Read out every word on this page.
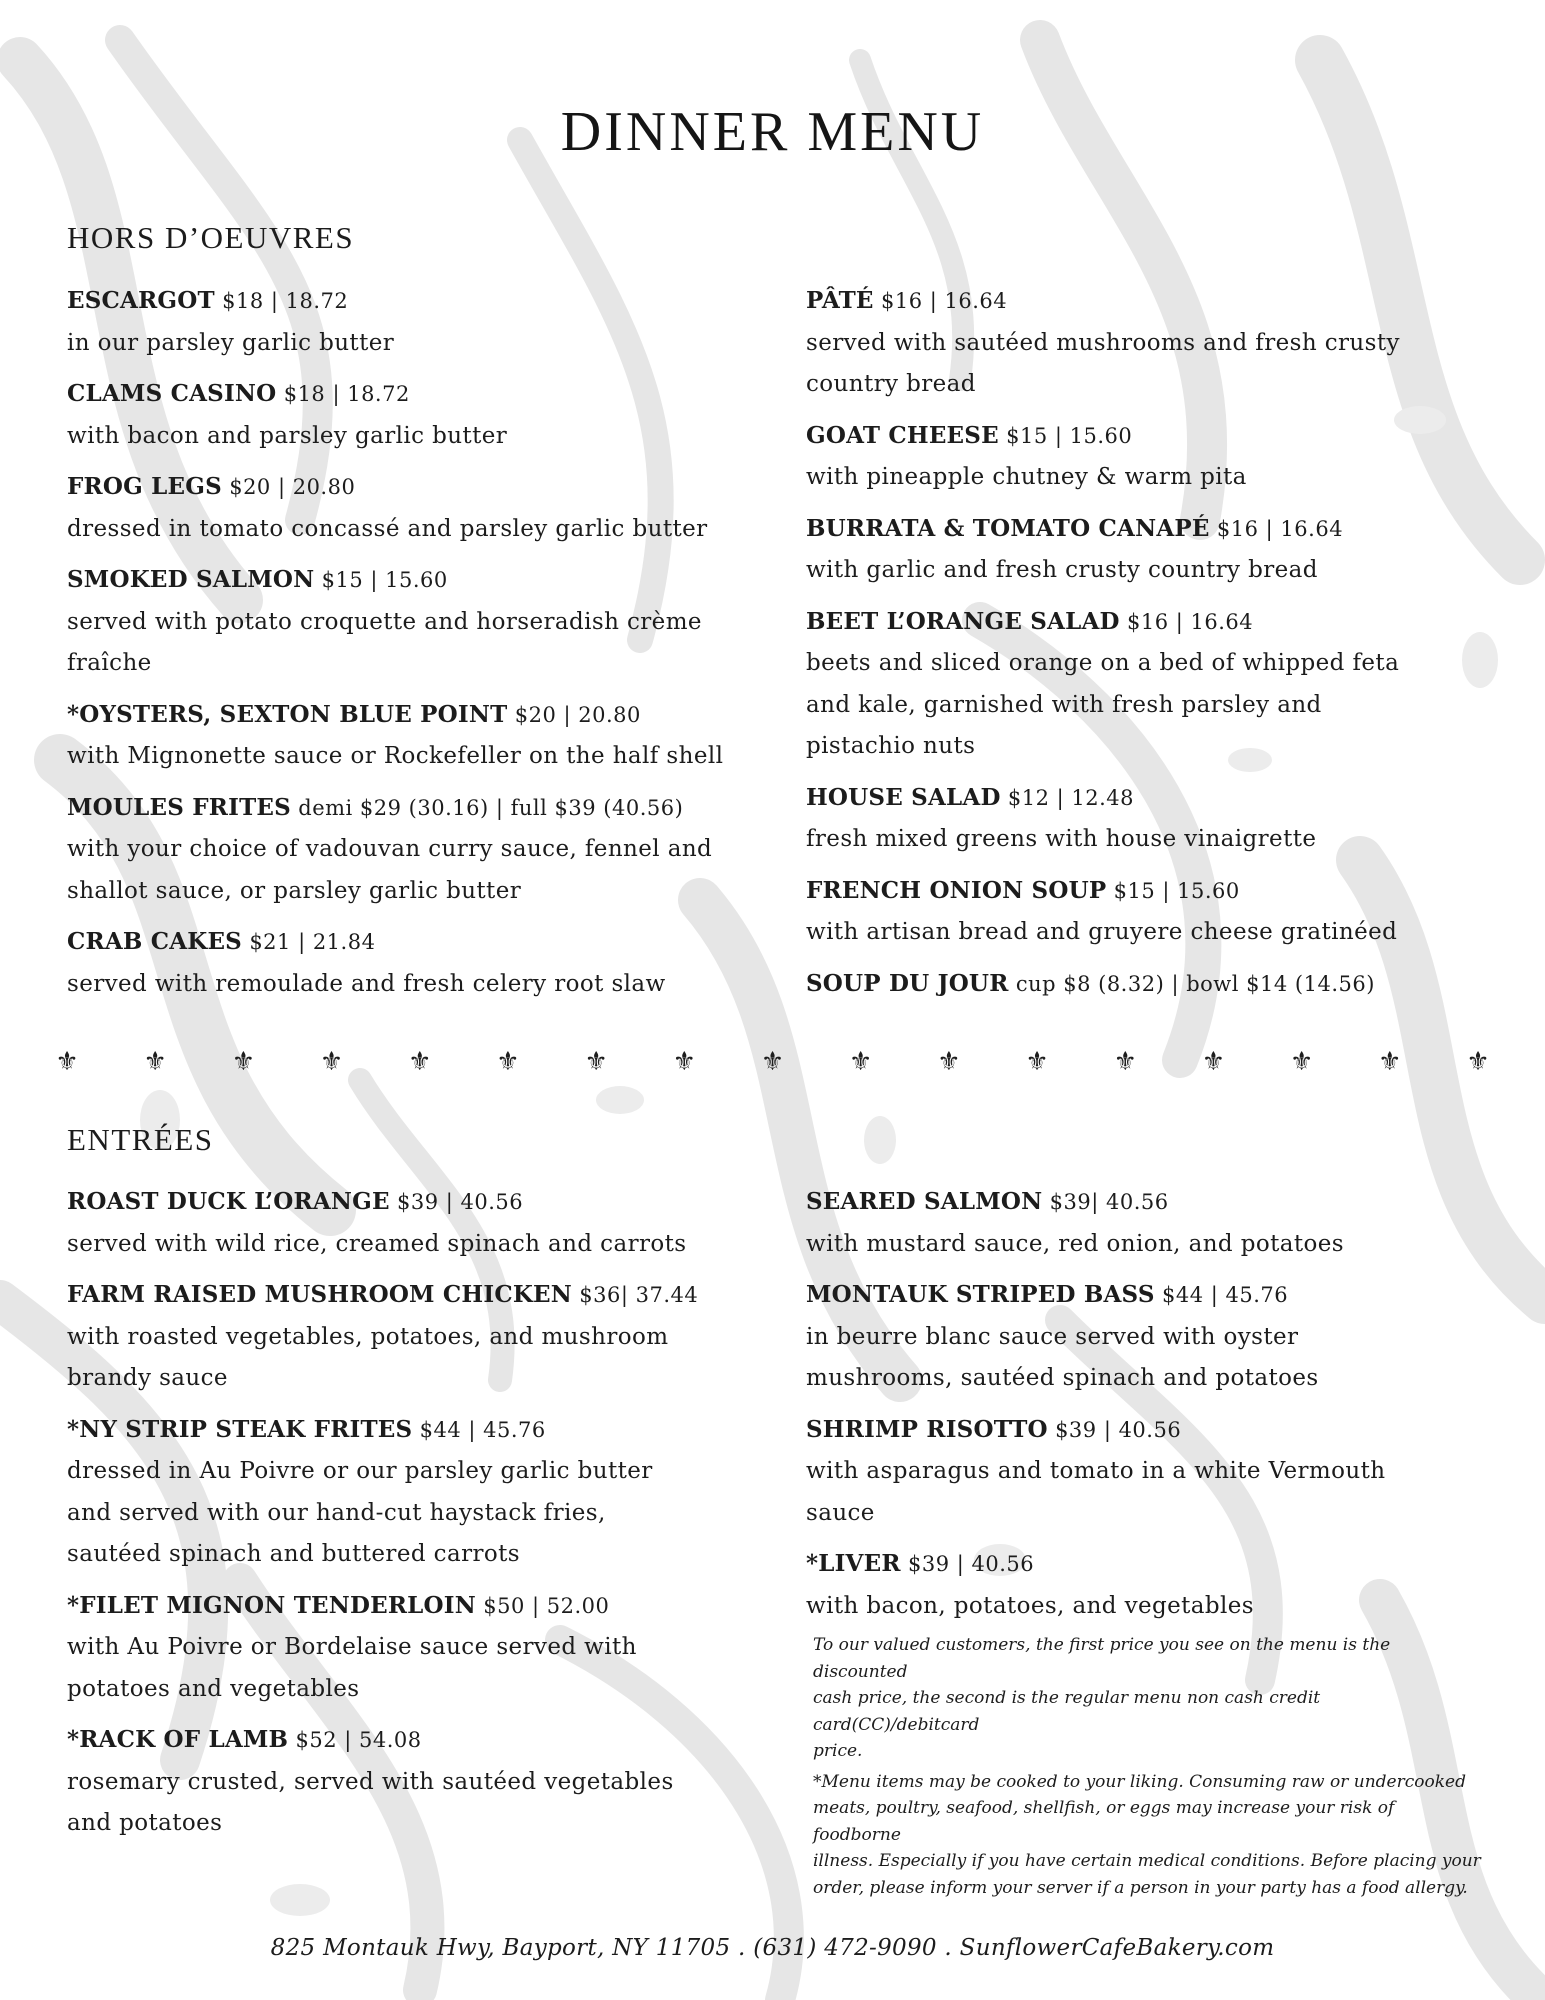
DINNER MENU
HORS D’OEUVRES
ESCARGOT $18 | 18.72
in our parsley garlic butter
CLAMS CASINO $18 | 18.72
with bacon and parsley garlic butter
FROG LEGS $20 | 20.80
dressed in tomato concassé and parsley garlic butter
SMOKED SALMON $15 | 15.60
served with potato croquette and horseradish crème
fraîche
*OYSTERS, SEXTON BLUE POINT $20 | 20.80
with Mignonette sauce or Rockefeller on the half shell
MOULES FRITES demi $29 (30.16) | full $39 (40.56)
with your choice of vadouvan curry sauce, fennel and
shallot sauce, or parsley garlic butter
CRAB CAKES $21 | 21.84
served with remoulade and fresh celery root slaw
PÂTÉ $16 | 16.64
served with sautéed mushrooms and fresh crusty
country bread
GOAT CHEESE $15 | 15.60
with pineapple chutney & warm pita
BURRATA & TOMATO CANAPÉ $16 | 16.64
with garlic and fresh crusty country bread
BEET L’ORANGE SALAD $16 | 16.64
beets and sliced orange on a bed of whipped feta
and kale, garnished with fresh parsley and
pistachio nuts
HOUSE SALAD $12 | 12.48
fresh mixed greens with house vinaigrette
FRENCH ONION SOUP $15 | 15.60
with artisan bread and gruyere cheese gratinéed
SOUP DU JOUR cup $8 (8.32) | bowl $14 (14.56)
⚜ ⚜ ⚜ ⚜ ⚜ ⚜ ⚜ ⚜ ⚜ ⚜ ⚜ ⚜ ⚜ ⚜ ⚜ ⚜ ⚜
ENTRÉES
ROAST DUCK L’ORANGE $39 | 40.56
served with wild rice, creamed spinach and carrots
FARM RAISED MUSHROOM CHICKEN $36| 37.44
with roasted vegetables, potatoes, and mushroom
brandy sauce
*NY STRIP STEAK FRITES $44 | 45.76
dressed in Au Poivre or our parsley garlic butter
and served with our hand-cut haystack fries,
sautéed spinach and buttered carrots
*FILET MIGNON TENDERLOIN $50 | 52.00
with Au Poivre or Bordelaise sauce served with
potatoes and vegetables
*RACK OF LAMB $52 | 54.08
rosemary crusted, served with sautéed vegetables
and potatoes
SEARED SALMON $39| 40.56
with mustard sauce, red onion, and potatoes
MONTAUK STRIPED BASS $44 | 45.76
in beurre blanc sauce served with oyster
mushrooms, sautéed spinach and potatoes
SHRIMP RISOTTO $39 | 40.56
with asparagus and tomato in a white Vermouth
sauce
*LIVER $39 | 40.56
with bacon, potatoes, and vegetables

To our valued customers, the first price you see on the menu is the discounted
cash price, the second is the regular menu non cash credit card(CC)/debitcard
price.

*Menu items may be cooked to your liking. Consuming raw or undercooked
meats, poultry, seafood, shellfish, or eggs may increase your risk of foodborne
illness. Especially if you have certain medical conditions. Before placing your
order, please inform your server if a person in your party has a food allergy.

825 Montauk Hwy, Bayport, NY 11705 . (631) 472-9090 . SunflowerCafeBakery.com
